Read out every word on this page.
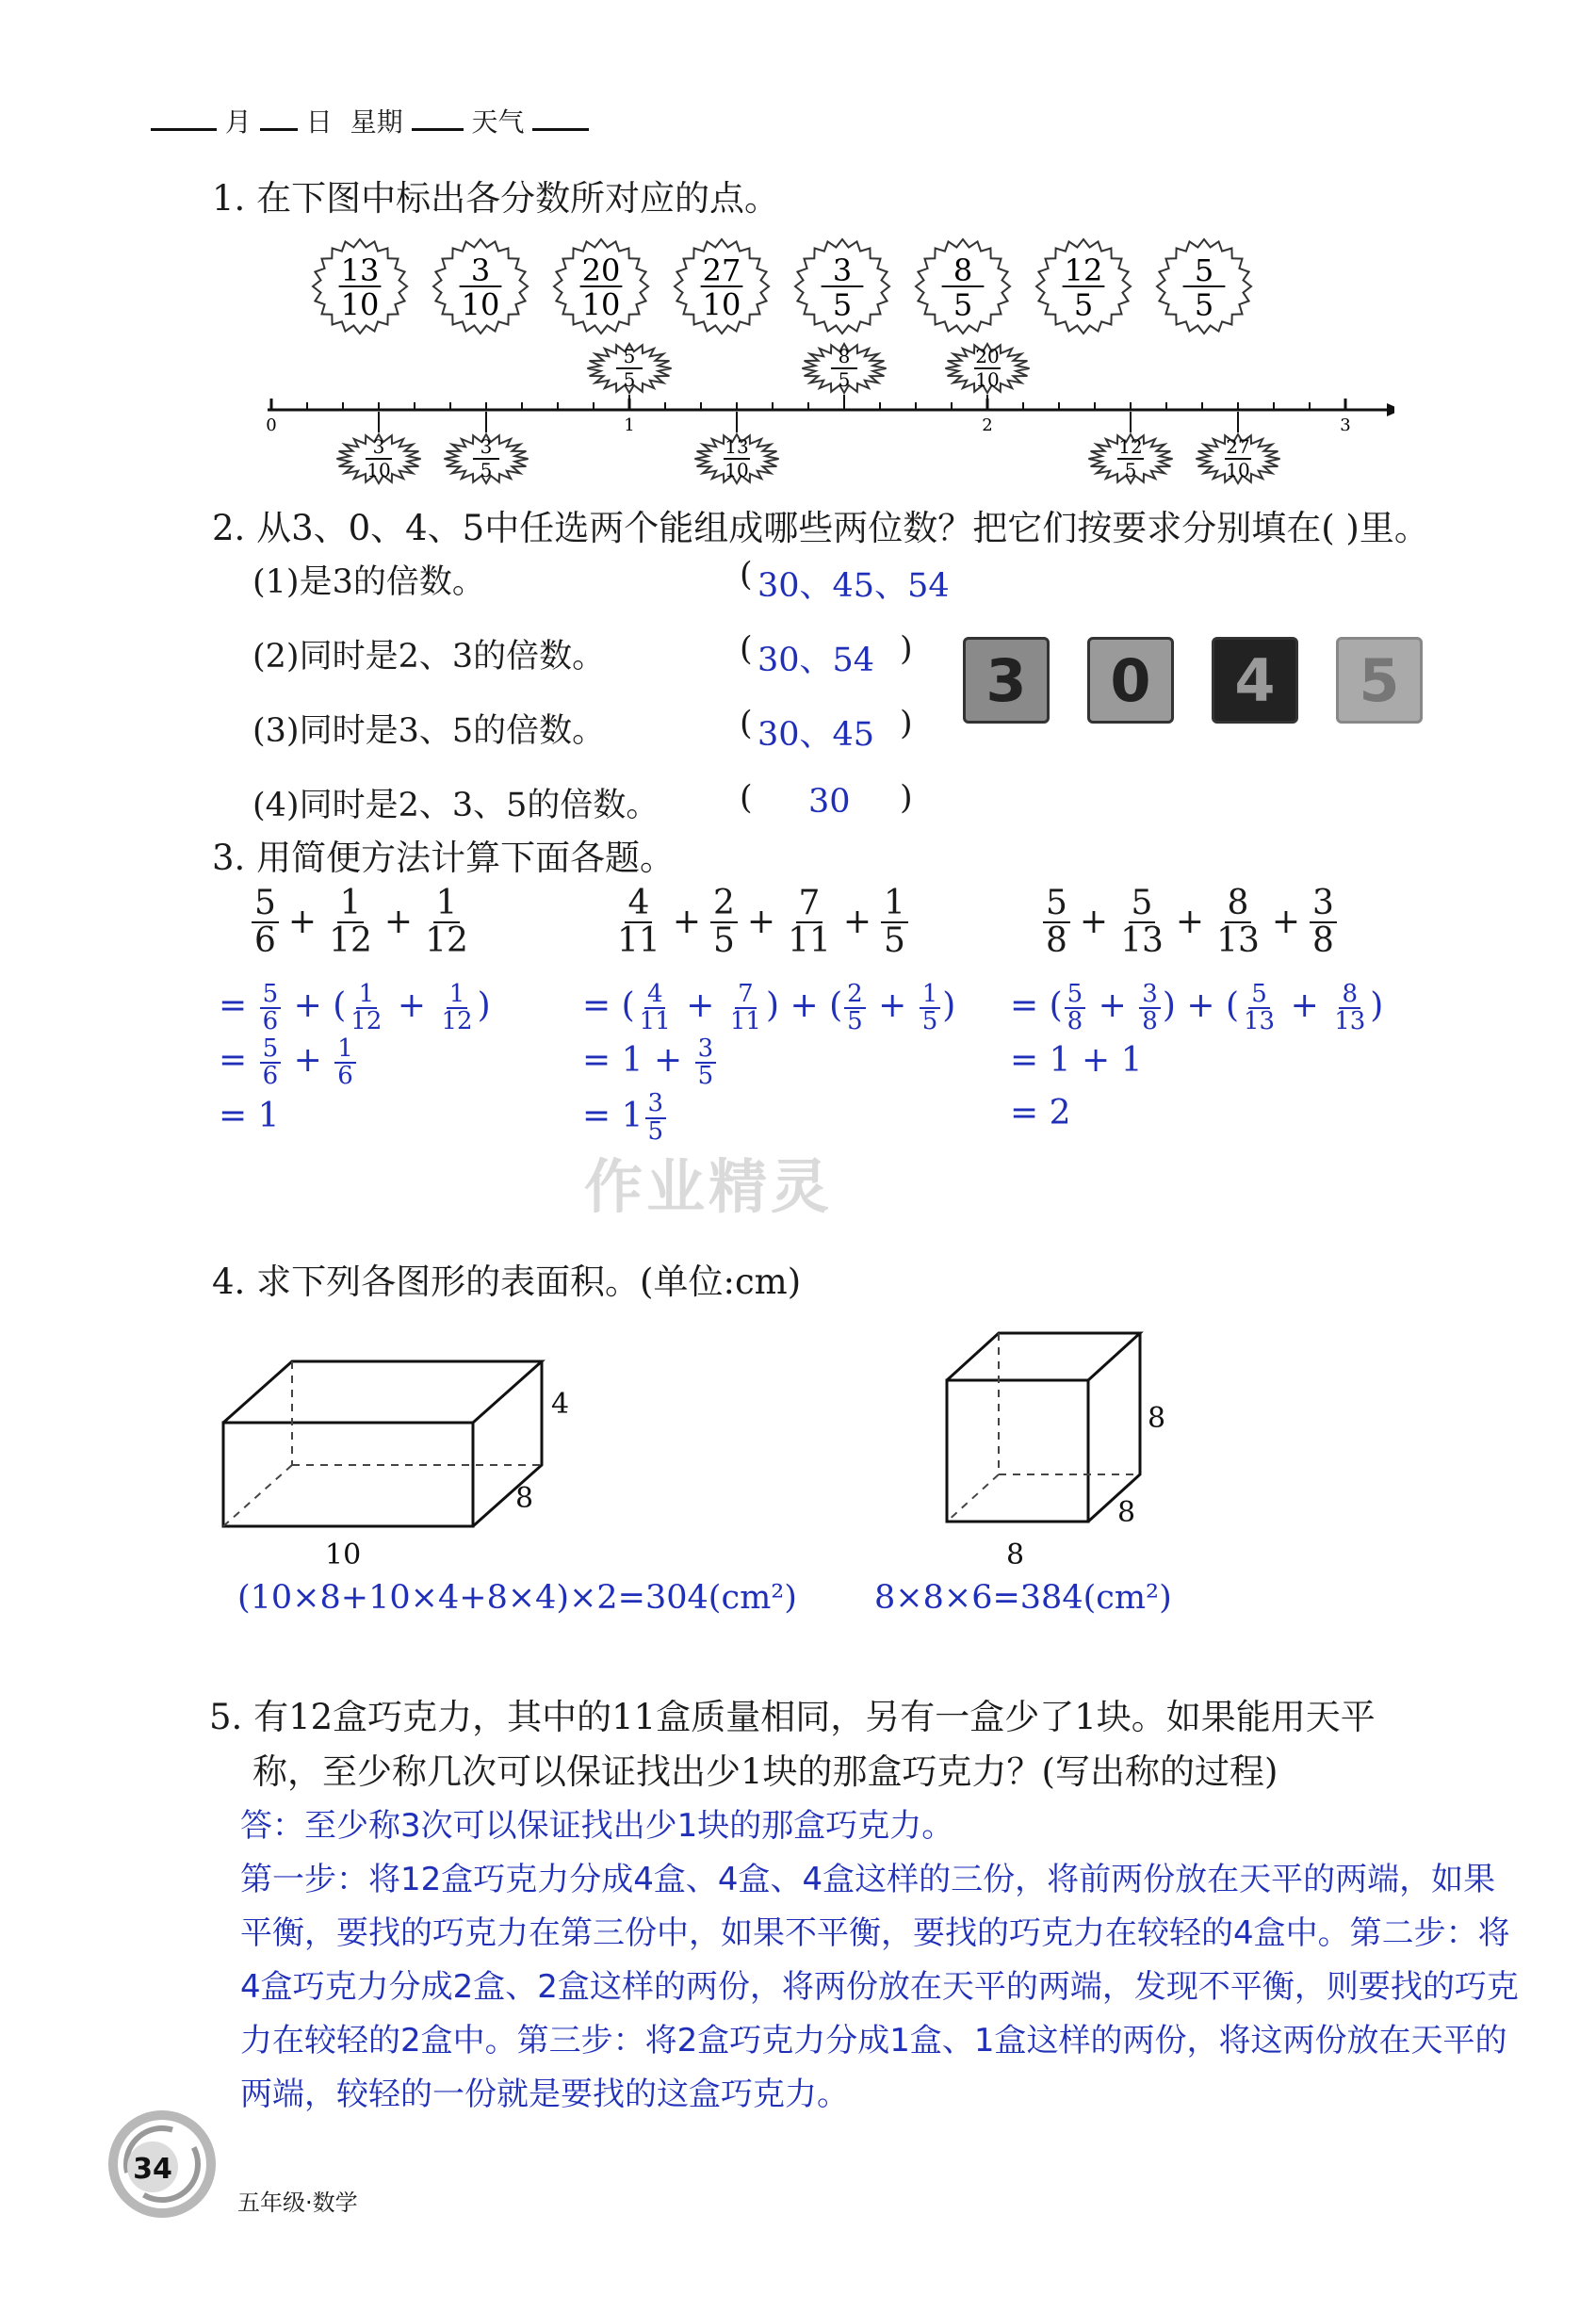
月 日 星期	天气
1. 在下图中标出各分数所对应的点。
13
10
3
10
20
10
27
10
3
5
8
5
12
5
5
5
0	1	2	3
5
5
8
5
20
10
3
10
3
5
13
10
12
5
27
10
2. 从3、0、4、5中任选两个能组成哪些两位数？把它们按要求分别填在( )里。
(1)是3的倍数。	( 30、45、54
(2)同时是2、3的倍数。	( 30、54 )
(3)同时是3、5的倍数。	( 30、45 )
(4)同时是2、3、5的倍数。 ( 30 )
3 0 4 5
3. 用简便方法计算下面各题。
$\frac{5}{6} + \frac{1}{12} + \frac{1}{12}$
= $\frac{5}{6}$ + ( $\frac{1}{12} + \frac{1}{12}$ )
= $\frac{5}{6} + \frac{1}{6}$
= 1
$\frac{4}{11} + \frac{2}{5} + \frac{7}{11} + \frac{1}{5}$
= ( $\frac{4}{11} + \frac{7}{11}$ ) + ( $\frac{2}{5} + \frac{1}{5}$ )
= $1 + \frac{3}{5}$
= $1 \frac{3}{5}$
$\frac{5}{8} + \frac{5}{13} + \frac{8}{13} + \frac{3}{8}$
= ( $\frac{5}{8} + \frac{3}{8}$ ) + ( $\frac{5}{13} + \frac{8}{13}$ )
= 1 + 1
= 2
作业精灵
4. 求下列各图形的表面积。(单位:cm)
4
8
10
8
8
8
(10×8+10×4+8×4)×2=304(cm²) 8×8×6=384(cm²)
5. 有12盒巧克力，其中的11盒质量相同，另有一盒少了1块。如果能用天平
称，至少称几次可以保证找出少1块的那盒巧克力？(写出称的过程)
答：至少称3次可以保证找出少1块的那盒巧克力。
第一步：将12盒巧克力分成4盒、4盒、4盒这样的三份，将前两份放在天平的两端，如果平衡，要找的巧克力在第三份中，如果不平衡，要找的巧克力在较轻的4盒中。第二步：将4盒巧克力分成2盒、2盒这样的两份，将两份放在天平的两端，发现不平衡，则要找的巧克力在较轻的2盒中。第三步：将2盒巧克力分成1盒、1盒这样的两份，将这两份放在天平的两端，较轻的一份就是要找的这盒巧克力。
34
五年级·数学
